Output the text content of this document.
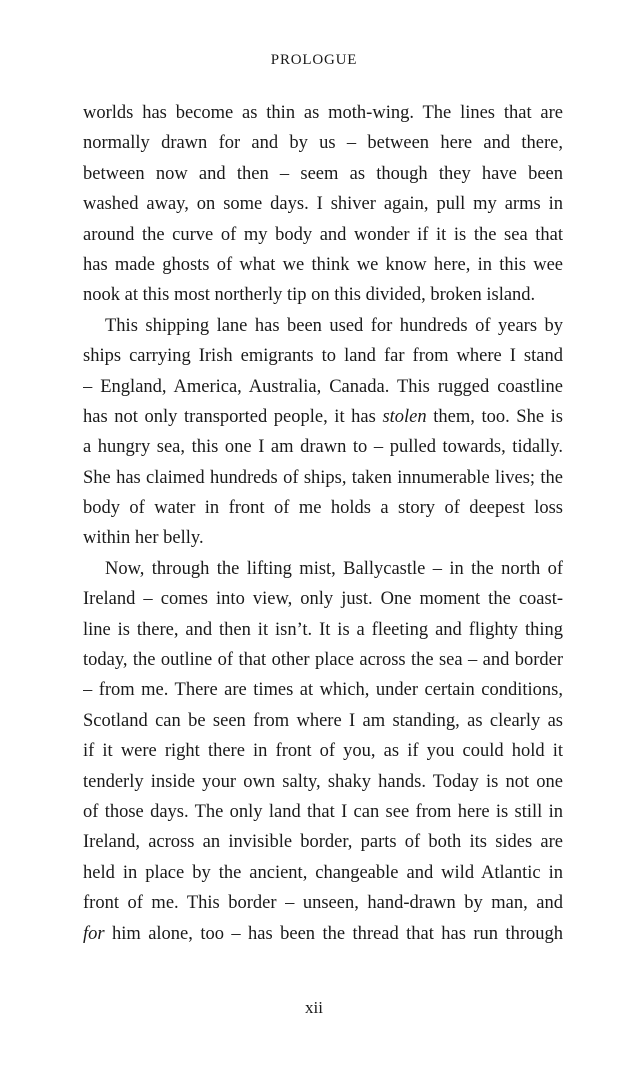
PROLOGUE
worlds has become as thin as moth-wing. The lines that are
normally drawn for and by us – between here and there,
between now and then – seem as though they have been
washed away, on some days. I shiver again, pull my arms in
around the curve of my body and wonder if it is the sea that
has made ghosts of what we think we know here, in this wee
nook at this most northerly tip on this divided, broken island.
This shipping lane has been used for hundreds of years by
ships carrying Irish emigrants to land far from where I stand
– England, America, Australia, Canada. This rugged coastline
has not only transported people, it has stolen them, too. She is
a hungry sea, this one I am drawn to – pulled towards, tidally.
She has claimed hundreds of ships, taken innumerable lives; the
body of water in front of me holds a story of deepest loss
within her belly.
Now, through the lifting mist, Ballycastle – in the north of
Ireland – comes into view, only just. One moment the coast-
line is there, and then it isn’t. It is a fleeting and flighty thing
today, the outline of that other place across the sea – and border
– from me. There are times at which, under certain conditions,
Scotland can be seen from where I am standing, as clearly as
if it were right there in front of you, as if you could hold it
tenderly inside your own salty, shaky hands. Today is not one
of those days. The only land that I can see from here is still in
Ireland, across an invisible border, parts of both its sides are
held in place by the ancient, changeable and wild Atlantic in
front of me. This border – unseen, hand-drawn by man, and
for him alone, too – has been the thread that has run through
xii
